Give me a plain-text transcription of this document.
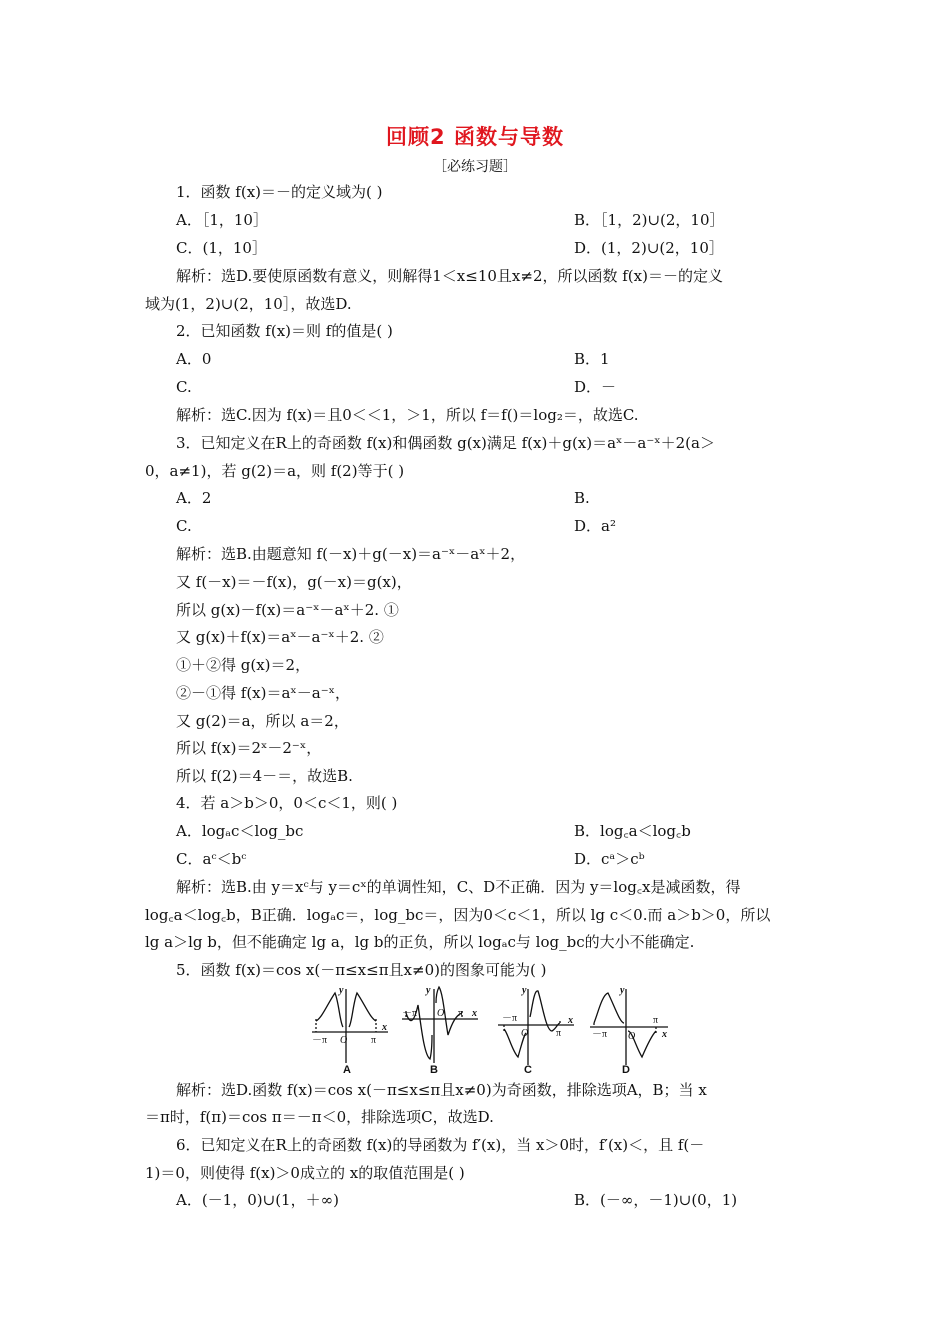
回顾2 函数与导数
［必练习题］
1．函数 f(x)＝－的定义域为( )
A．［1，10］	B．［1，2)∪(2，10］
C．(1，10］	D．(1，2)∪(2，10］
解析：选D.要使原函数有意义，则解得1＜x≤10且x≠2，所以函数 f(x)＝－的定义
域为(1，2)∪(2，10］，故选D.
2．已知函数 f(x)＝则 f的值是( )
A．0	B．1
C.	D．－
解析：选C.因为 f(x)＝且0＜＜1，＞1，所以 f＝f()＝log₂＝，故选C.
3．已知定义在R上的奇函数 f(x)和偶函数 g(x)满足 f(x)＋g(x)＝aˣ－a⁻ˣ＋2(a＞
0，a≠1)，若 g(2)＝a，则 f(2)等于( )
A．2	B.
C.	D．a²
解析：选B.由题意知 f(－x)＋g(－x)＝a⁻ˣ－aˣ＋2，
又 f(－x)＝－f(x)，g(－x)＝g(x)，
所以 g(x)－f(x)＝a⁻ˣ－aˣ＋2. ①
又 g(x)＋f(x)＝aˣ－a⁻ˣ＋2. ②
①＋②得 g(x)＝2，
②－①得 f(x)＝aˣ－a⁻ˣ，
又 g(2)＝a，所以 a＝2，
所以 f(x)＝2ˣ－2⁻ˣ，
所以 f(2)＝4－＝，故选B.
4．若 a＞b＞0，0＜c＜1，则( )
A．logₐc＜log_bc	B．log꜀a＜log꜀b
C．aᶜ＜bᶜ	D．cᵃ＞cᵇ
解析：选B.由 y＝xᶜ与 y＝cˣ的单调性知，C、D不正确．因为 y＝log꜀x是减函数，得
log꜀a＜log꜀b，B正确．logₐc＝，log_bc＝，因为0＜c＜1，所以 lg c＜0.而 a＞b＞0，所以
lg a＞lg b，但不能确定 lg a，lg b的正负，所以 logₐc与 log_bc的大小不能确定.
5．函数 f(x)＝cos x(－π≤x≤π且x≠0)的图象可能为( )
y
－π O π
x
y
－π O π x
y
－π
O	π
x
y
－π O
π
x
A	B	C	D
解析：选D.函数 f(x)＝cos x(－π≤x≤π且x≠0)为奇函数，排除选项A，B；当 x
＝π时，f(π)＝cos π＝－π＜0，排除选项C，故选D.
6．已知定义在R上的奇函数 f(x)的导函数为 f′(x)，当 x＞0时，f′(x)＜，且 f(－
1)＝0，则使得 f(x)＞0成立的 x的取值范围是( )
A．(－1，0)∪(1，＋∞)	B．(－∞，－1)∪(0，1)
